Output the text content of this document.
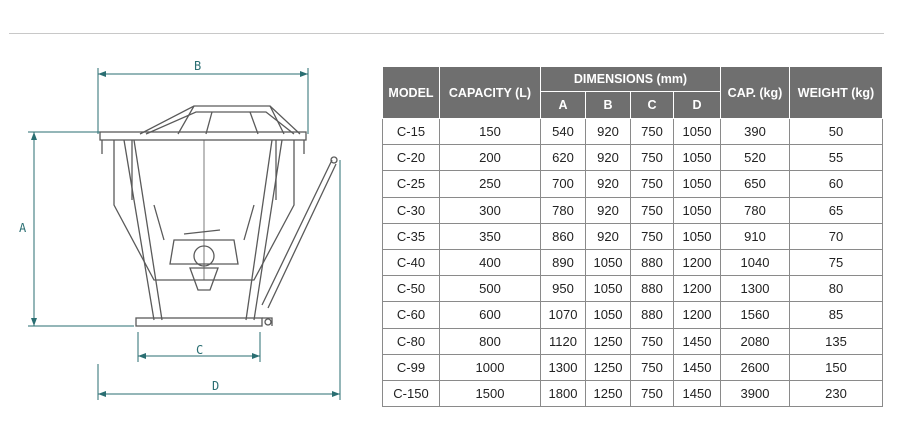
B
A
C
D
MODEL	CAPACITY (L)	DIMENSIONS (mm)				CAP. (kg)	WEIGHT (kg)
		A	B	C	D		
C-15	150	540	920	750	1050	390	50
C-20	200	620	920	750	1050	520	55
C-25	250	700	920	750	1050	650	60
C-30	300	780	920	750	1050	780	65
C-35	350	860	920	750	1050	910	70
C-40	400	890	1050	880	1200	1040	75
C-50	500	950	1050	880	1200	1300	80
C-60	600	1070	1050	880	1200	1560	85
C-80	800	1120	1250	750	1450	2080	135
C-99	1000	1300	1250	750	1450	2600	150
C-150	1500	1800	1250	750	1450	3900	230
